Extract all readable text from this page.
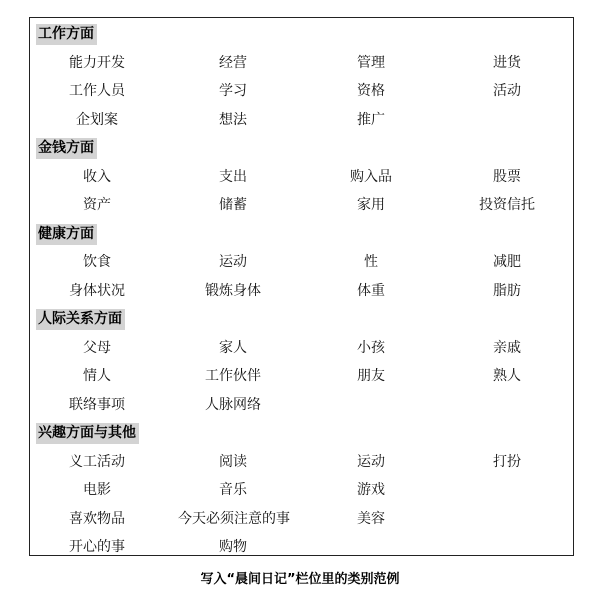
工作方面
能力开发	经营	管理	进货
工作人员	学习	资格	活动
企划案	想法	推广
金钱方面
收入	支出	购入品	股票
资产	储蓄	家用	投资信托
健康方面
饮食	运动	性	减肥
身体状况	锻炼身体	体重	脂肪
人际关系方面
父母	家人	小孩	亲戚
情人	工作伙伴	朋友	熟人
联络事项	人脉网络
兴趣方面与其他
义工活动	阅读	运动	打扮
电影	音乐	游戏
喜欢物品	今天必须注意的事	美容
开心的事	购物
写入“晨间日记”栏位里的类别范例
